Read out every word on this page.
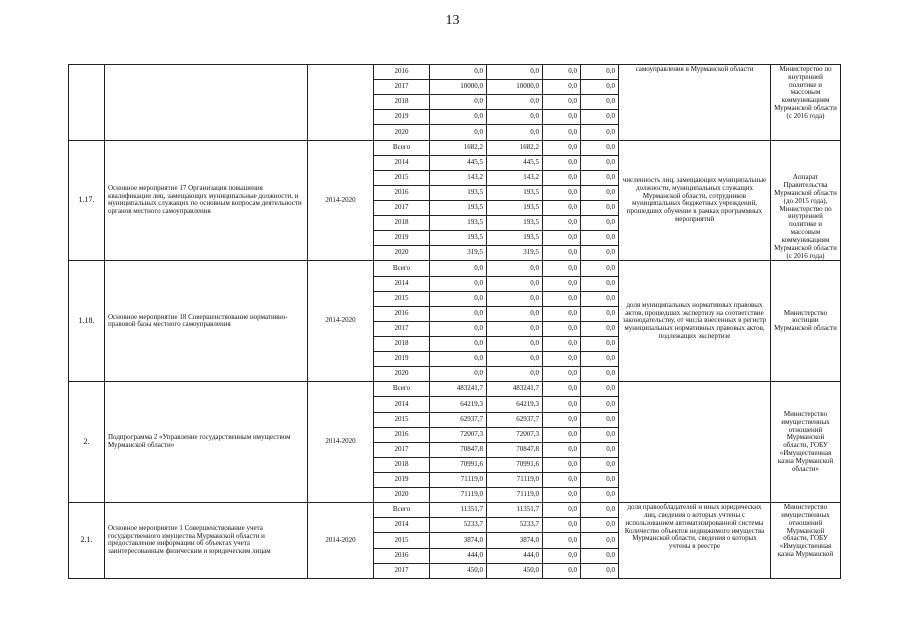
13
			2016	0,0	0,0	0,0	0,0	самоуправления в Мурманской области	Министерство по внутренней политике и массовым коммуникациям Мурманской области (с 2016 года)
			2017	10000,0	10000,0	0,0	0,0		
			2018	0,0	0,0	0,0	0,0		
			2019	0,0	0,0	0,0	0,0		
			2020	0,0	0,0	0,0	0,0		
1.17.	Основное мероприятие 17 Организация повышения квалификации лиц, замещающих муниципальные должности, и муниципальных служащих по основным вопросам деятельности органов местного самоуправления	2014-2020	Всего	1682,2	1682,2	0,0	0,0	численность лиц, замещающих муниципальные должности, муниципальных служащих Мурманской области, сотрудников муниципальных бюджетных учреждений, прошедших обучение в рамках программных мероприятий	Аппарат Правительства Мурманской области (до 2015 года), Министерство по внутренней политике и массовым коммуникациям Мурманской области (с 2016 года)
			2014	445,5	445,5	0,0	0,0		
			2015	143,2	143,2	0,0	0,0		
			2016	193,5	193,5	0,0	0,0		
			2017	193,5	193,5	0,0	0,0		
			2018	193,5	193,5	0,0	0,0		
			2019	193,5	193,5	0,0	0,0		
			2020	319,5	319,5	0,0	0,0		
1.18.	Основное мероприятие 18 Совершенствование нормативно-правовой базы местного самоуправления	2014-2020	Всего	0,0	0,0	0,0	0,0	доля муниципальных нормативных правовых актов, прошедших экспертизу на соответствие законодательству, от числа внесенных в регистр муниципальных нормативных правовых актов, подлежащих экспертизе	Министерство юстиции Мурманской области
			2014	0,0	0,0	0,0	0,0		
			2015	0,0	0,0	0,0	0,0		
			2016	0,0	0,0	0,0	0,0		
			2017	0,0	0,0	0,0	0,0		
			2018	0,0	0,0	0,0	0,0		
			2019	0,0	0,0	0,0	0,0		
			2020	0,0	0,0	0,0	0,0		
2.	Подпрограмма 2 «Управление государственным имуществом Мурманской области»	2014-2020	Всего	483241,7	483241,7	0,0	0,0		Министерство имущественных отношений Мурманской области, ГОБУ «Имущественная казна Мурманской области»
			2014	64219,3	64219,3	0,0	0,0		
			2015	62937,7	62937,7	0,0	0,0		
			2016	72007,3	72007,3	0,0	0,0		
			2017	70847,8	70847,8	0,0	0,0		
			2018	70991,6	70991,6	0,0	0,0		
			2019	71119,0	71119,0	0,0	0,0		
			2020	71119,0	71119,0	0,0	0,0		
2.1.	Основное мероприятие 1 Совершенствование учета государственного имущества Мурманской области и предоставление информации об объектах учета заинтересованным физическим и юридическим лицам	2014-2020	Всего	11351,7	11351,7	0,0	0,0	доля правообладателей и иных юридических лиц, сведения о которых учтены с использованием автоматизированной системы Количество объектов недвижимого имущества Мурманской области, сведения о которых учтены в реестре	Министерство имущественных отношений Мурманской области, ГОБУ «Имущественная казна Мурманской
			2014	5233,7	5233,7	0,0	0,0		
			2015	3874,0	3874,0	0,0	0,0		
			2016	444,0	444,0	0,0	0,0		
			2017	450,0	450,0	0,0	0,0		
